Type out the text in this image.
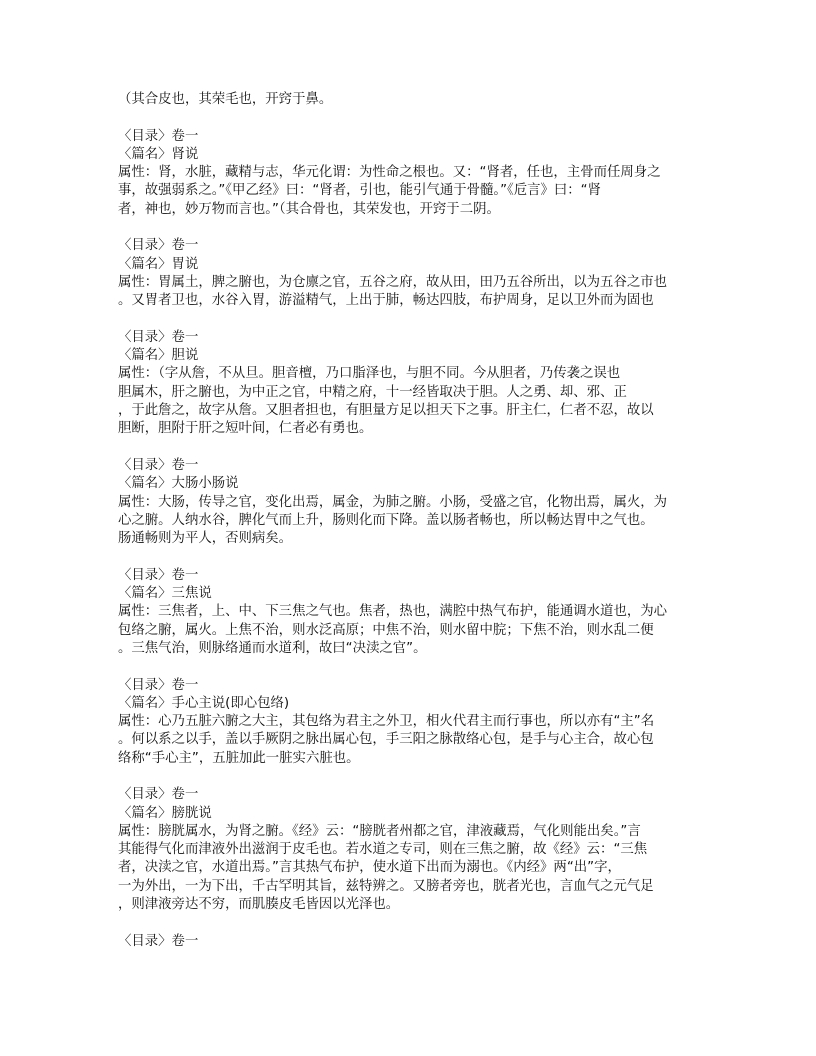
（其合皮也，其荣毛也，开窍于鼻。
〈目录〉卷一
〈篇名〉肾说
属性：肾，水脏，藏精与志，华元化谓：为性命之根也。又：“肾者，任也，主骨而任周身之
事，故强弱系之。”《甲乙经》曰：“肾者，引也，能引气通于骨髓。”《卮言》曰：“肾
者，神也，妙万物而言也。”（其合骨也，其荣发也，开窍于二阴。
〈目录〉卷一
〈篇名〉胃说
属性：胃属土，脾之腑也，为仓廪之官，五谷之府，故从田，田乃五谷所出，以为五谷之市也
。又胃者卫也，水谷入胃，游溢精气，上出于肺，畅达四肢，布护周身，足以卫外而为固也
〈目录〉卷一
〈篇名〉胆说
属性：（字从詹，不从旦。胆音檀，乃口脂泽也，与胆不同。今从胆者，乃传袭之误也
胆属木，肝之腑也，为中正之官，中精之府，十一经皆取决于胆。人之勇、却、邪、正
，于此詹之，故字从詹。又胆者担也，有胆量方足以担天下之事。肝主仁，仁者不忍，故以
胆断，胆附于肝之短叶间，仁者必有勇也。
〈目录〉卷一
〈篇名〉大肠小肠说
属性：大肠，传导之官，变化出焉，属金，为肺之腑。小肠，受盛之官，化物出焉，属火，为
心之腑。人纳水谷，脾化气而上升，肠则化而下降。盖以肠者畅也，所以畅达胃中之气也。
肠通畅则为平人，否则病矣。
〈目录〉卷一
〈篇名〉三焦说
属性：三焦者，上、中、下三焦之气也。焦者，热也，满腔中热气布护，能通调水道也，为心
包络之腑，属火。上焦不治，则水泛高原；中焦不治，则水留中脘；下焦不治，则水乱二便
。三焦气治，则脉络通而水道利，故曰“决渎之官”。
〈目录〉卷一
〈篇名〉手心主说(即心包络)
属性：心乃五脏六腑之大主，其包络为君主之外卫，相火代君主而行事也，所以亦有“主”名
。何以系之以手，盖以手厥阴之脉出属心包，手三阳之脉散络心包，是手与心主合，故心包
络称“手心主”，五脏加此一脏实六脏也。
〈目录〉卷一
〈篇名〉膀胱说
属性：膀胱属水，为肾之腑。《经》云：“膀胱者州都之官，津液藏焉，气化则能出矣。”言
其能得气化而津液外出滋润于皮毛也。若水道之专司，则在三焦之腑，故《经》云：“三焦
者，决渎之官，水道出焉。”言其热气布护，使水道下出而为溺也。《内经》两“出”字，
一为外出，一为下出，千古罕明其旨，兹特辨之。又膀者旁也，胱者光也，言血气之元气足
，则津液旁达不穷，而肌腠皮毛皆因以光泽也。
〈目录〉卷一
